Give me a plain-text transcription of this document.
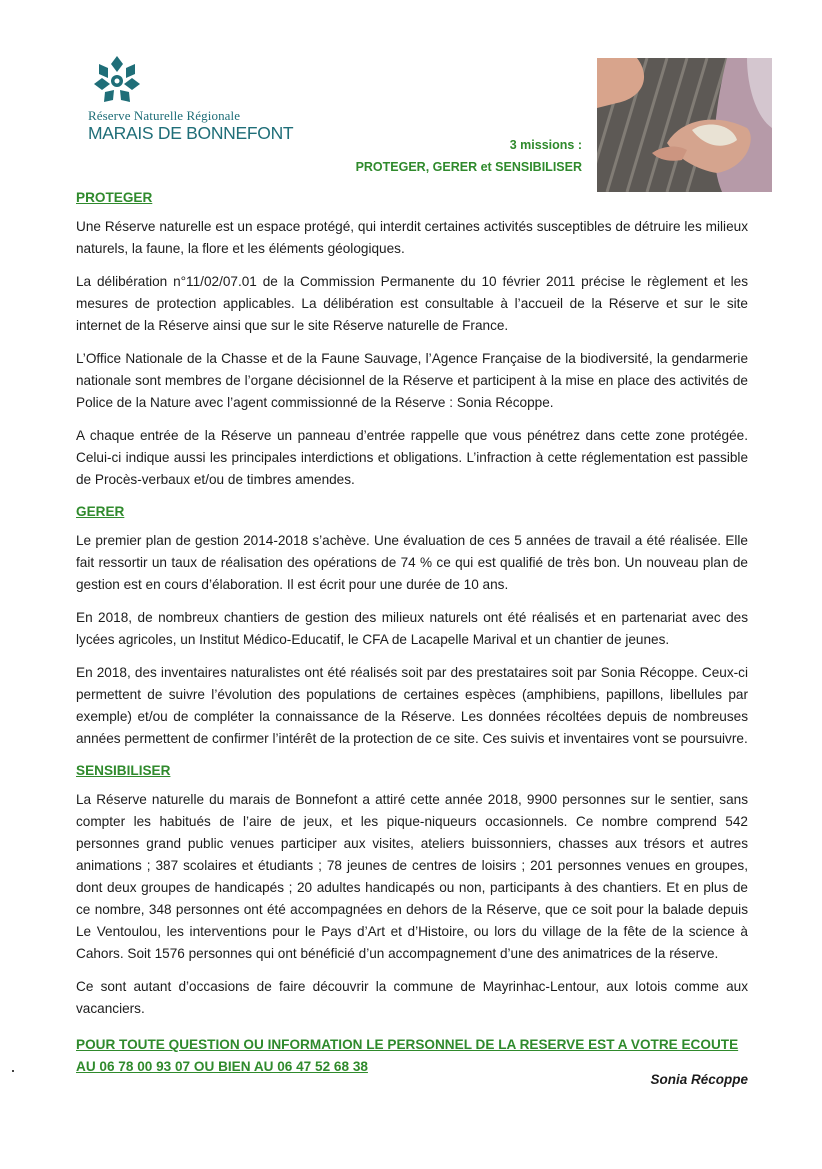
Réserve Naturelle Régionale
MARAIS DE BONNEFONT
3 missions :
PROTEGER, GERER et SENSIBILISER
PROTEGER

Une Réserve naturelle est un espace protégé, qui interdit certaines activités susceptibles de détruire les milieux naturels, la faune, la flore et les éléments géologiques.

La délibération n°11/02/07.01 de la Commission Permanente du 10 février 2011 précise le règlement et les mesures de protection applicables. La délibération est consultable à l’accueil de la Réserve et sur le site internet de la Réserve ainsi que sur le site Réserve naturelle de France.

L’Office Nationale de la Chasse et de la Faune Sauvage, l’Agence Française de la biodiversité, la gendarmerie nationale sont membres de l’organe décisionnel de la Réserve et participent à la mise en place des activités de Police de la Nature avec l’agent commissionné de la Réserve : Sonia Récoppe.

A chaque entrée de la Réserve un panneau d’entrée rappelle que vous pénétrez dans cette zone protégée. Celui-ci indique aussi les principales interdictions et obligations. L’infraction à cette réglementation est passible de Procès-verbaux et/ou de timbres amendes.

GERER

Le premier plan de gestion 2014-2018 s’achève. Une évaluation de ces 5 années de travail a été réalisée. Elle fait ressortir un taux de réalisation des opérations de 74 % ce qui est qualifié de très bon. Un nouveau plan de gestion est en cours d’élaboration. Il est écrit pour une durée de 10 ans.

En 2018, de nombreux chantiers de gestion des milieux naturels ont été réalisés et en partenariat avec des lycées agricoles, un Institut Médico-Educatif, le CFA de Lacapelle Marival et un chantier de jeunes.

En 2018, des inventaires naturalistes ont été réalisés soit par des prestataires soit par Sonia Récoppe. Ceux-ci permettent de suivre l’évolution des populations de certaines espèces (amphibiens, papillons, libellules par exemple) et/ou de compléter la connaissance de la Réserve. Les données récoltées depuis de nombreuses années permettent de confirmer l’intérêt de la protection de ce site. Ces suivis et inventaires vont se poursuivre.

SENSIBILISER

La Réserve naturelle du marais de Bonnefont a attiré cette année 2018, 9900 personnes sur le sentier, sans compter les habitués de l’aire de jeux, et les pique-niqueurs occasionnels. Ce nombre comprend 542 personnes grand public venues participer aux visites, ateliers buissonniers, chasses aux trésors et autres animations ; 387 scolaires et étudiants ; 78 jeunes de centres de loisirs ; 201 personnes venues en groupes, dont deux groupes de handicapés ; 20 adultes handicapés ou non, participants à des chantiers. Et en plus de ce nombre, 348 personnes ont été accompagnées en dehors de la Réserve, que ce soit pour la balade depuis Le Ventoulou, les interventions pour le Pays d’Art et d’Histoire, ou lors du village de la fête de la science à Cahors. Soit 1576 personnes qui ont bénéficié d’un accompagnement d’une des animatrices de la réserve.

Ce sont autant d’occasions de faire découvrir la commune de Mayrinhac-Lentour, aux lotois comme aux vacanciers.

POUR TOUTE QUESTION OU INFORMATION LE PERSONNEL DE LA RESERVE EST A VOTRE ECOUTE AU 06 78 00 93 07 OU BIEN AU 06 47 52 68 38
Sonia Récoppe
